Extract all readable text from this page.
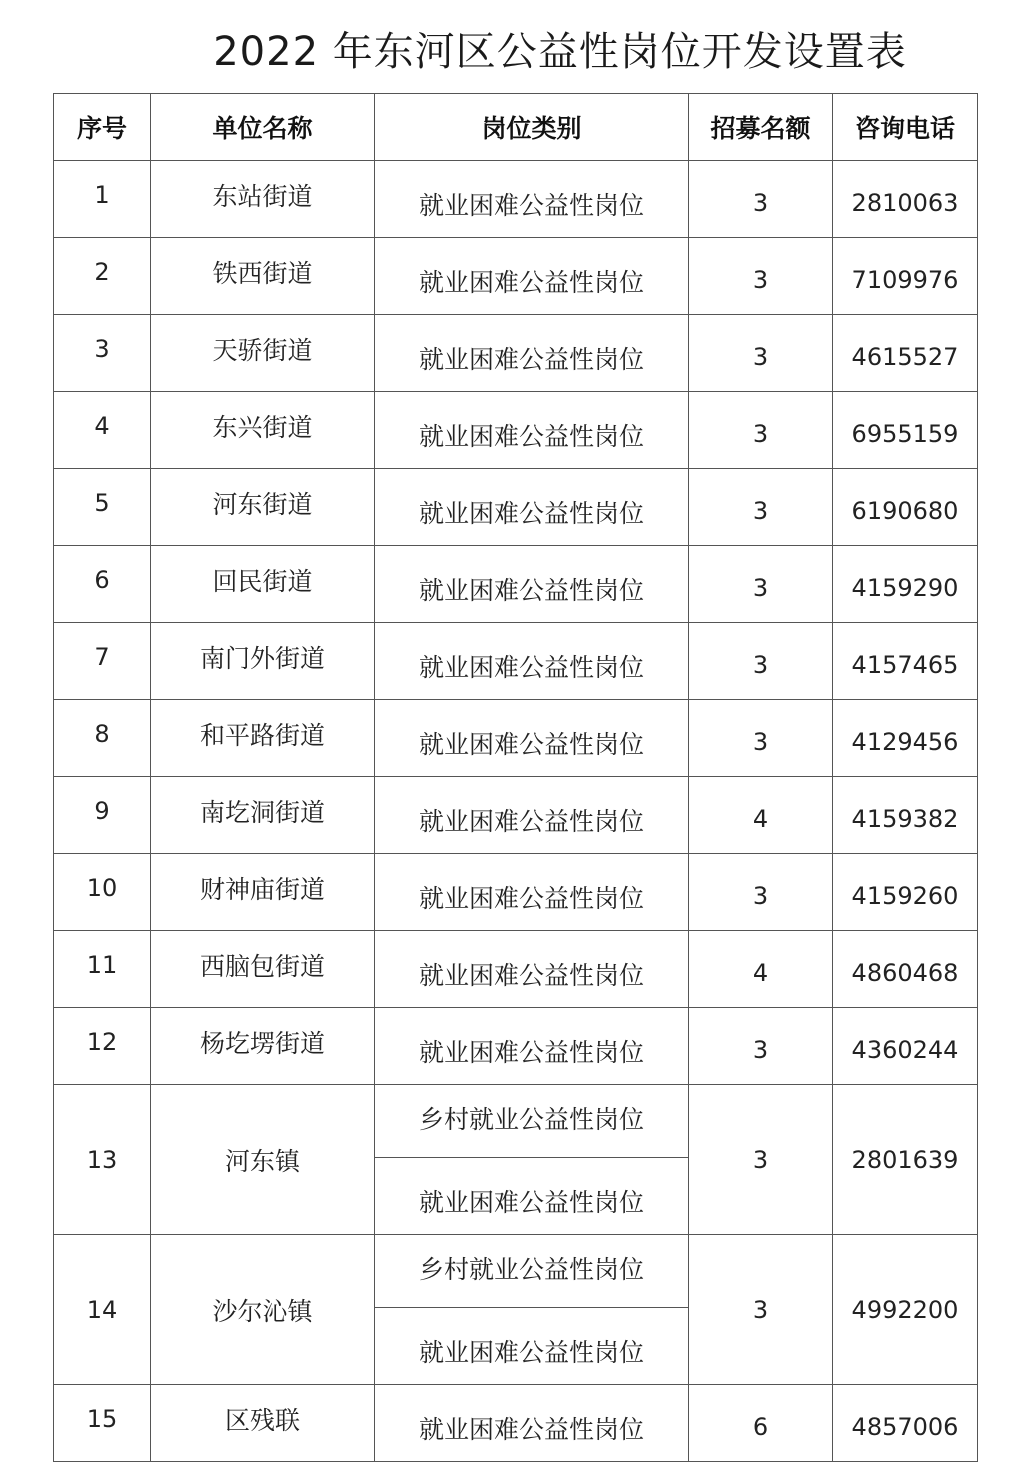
2022 年东河区公益性岗位开发设置表
序号	单位名称	岗位类别	招募名额	咨询电话
1	东站街道	就业困难公益性岗位	3	2810063
2	铁西街道	就业困难公益性岗位	3	7109976
3	天骄街道	就业困难公益性岗位	3	4615527
4	东兴街道	就业困难公益性岗位	3	6955159
5	河东街道	就业困难公益性岗位	3	6190680
6	回民街道	就业困难公益性岗位	3	4159290
7	南门外街道	就业困难公益性岗位	3	4157465
8	和平路街道	就业困难公益性岗位	3	4129456
9	南圪洞街道	就业困难公益性岗位	4	4159382
10	财神庙街道	就业困难公益性岗位	3	4159260
11	西脑包街道	就业困难公益性岗位	4	4860468
12	杨圪塄街道	就业困难公益性岗位	3	4360244
13	河东镇	乡村就业公益性岗位	3	2801639
		就业困难公益性岗位		
14	沙尔沁镇	乡村就业公益性岗位	3	4992200
		就业困难公益性岗位		
15	区残联	就业困难公益性岗位	6	4857006
